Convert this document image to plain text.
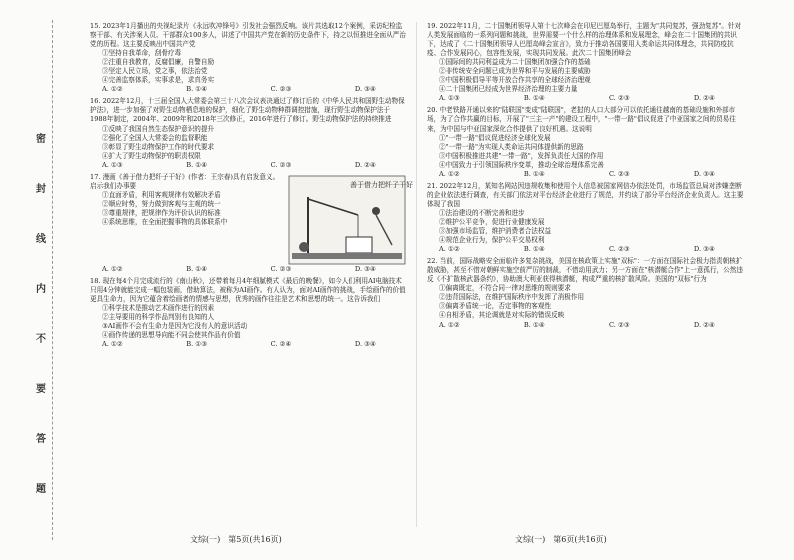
密
封
线
内
不
要
答
题
15. 2023年1月播出的央视纪录片《永远吹冲锋号》引发社会强烈反响。该片共选取12个案例，采访纪检监察干部、有关涉案人员、干部群众100多人，讲述了中国共产党在新的历史条件下，持之以恒推进全面从严治党的历程。这主要反映出中国共产党
①坚持自我革命，刮骨疗毒
②注重自我教育，反腐倡廉，自警自励
③坚定人民立场，党之事，依法治党
④完善监察体系，实事求是，求真务实
A. ①②	B. ①④	C. ②③	D. ③④
16. 2022年12月，十三届全国人大常委会第三十八次会议表决通过了修订后的《中华人民共和国野生动物保护法》，进一步加强了对野生动物栖息地的保护，细化了野生动物种群调控措施，现行野生动物保护法于1988年制定，2004年、2009年和2018年三次修正，2016年进行了修订。野生动物保护法的持续推进
①反映了我国自然生态保护意识的提升
②强化了全国人大常委会的监督职能
③彰显了野生动物保护工作的时代要求
④扩大了野生动物保护的职责权限
A. ①③	B. ①④	C. ②③	D. ②④
17. 漫画《善于借力把纤子干好》(作者：王宗春)具有启发意义。启示我们办事要
①直面矛盾，利用客观规律有效解决矛盾
②顺应时势，努力做到客观与主观的统一
③尊重规律，把规律作为评价认识的标准
④系统思维，在全面把握事物的具体联系中
善于借力把纤子干好
A. ①②	B. ①④	C. ②③	D. ③④
18. 现在每4个月完成流行的《南山秋》，还带着每月4年细腻模式《最后的晚餐》，如今人们利用AI电脑技术只用4分钟就能完成一幅包装画，借助算法，被称为AI画作。有人认为，面对AI画作的挑战，手绘画作的价值更具生命力，因为它蕴含着绘画者的情感与思想，优秀的画作往往是艺术和思想的统一。这告诉我们
①科学技术是推动艺术画作进行的因素
②主导要用的科学作品判别有良知的人
③AI画作不会有生命力是因为它没有人的意识活动
④画作传递的思想导向能不同会使其作品有价值
A. ①②	B. ①③	C. ②④	D. ③④
19. 2022年11月，二十国集团领导人第十七次峰会在印尼巴厘岛举行，主题为"共同复苏，强劲复苏"。针对人类发展面临的一系列问题和挑战，世界需要一个什么样的治理体系和发展理念，峰会在二十国集团的共识下，达成了《二十国集团领导人巴厘岛峰会宣言》，致力于推动各国要用人类命运共同体理念，共同防疫抗疫、合作发展同心，包容性发展，实现共同发展。此次二十国集团峰会
①国际间的共同利益成为二十国集团加强合作的基础
②非传统安全问题已成为世界和平与发展的主要威胁
③中国积极倡导平等开放合作共享的全球经济治理观
④二十国集团已经成为世界经济治理的主要力量
A. ①③	B. ①④	C. ②③	D. ②④
20. 中老铁路开通以来的"陆联国"变成"陆联国"，老挝的人口大部分可以依托通往越南的基础设施和外部市场，为了合作共赢的目标，开展了"三主一产"的建设工程中，"一带一路"倡议促进了中亚国家之间的贸易往来，为中国与中亚国家深化合作提供了良好机遇。这说明
①"一带一路"倡议促进经济全球化发展
②"一带一路"为实现人类命运共同体提供新的思路
③中国积极推进共建"一带一路"，发挥负责任大国的作用
④中国致力于引领国际秩序变革，推动全球治理体系完善
A. ①②	B. ①④	C. ②③	D. ③④
21. 2022年12月，某知名网站因违规收集和使用个人信息被国家网信办依法处罚，市场监管总局对涉嫌垄断的企业依法进行调查，有关部门依法对平台经济企业进行了规范，并约谈了部分平台经济企业负责人。这主要体现了我国
①法治建设的不断完善和进步
②维护公平竞争，促进行业健康发展
③加强市场监管，维护消费者合法权益
④规范企业行为，保护公平交易权利
A. ①②	B. ①④	C. ②③	D. ③④
22. 当前，国际战略安全面临许多复杂挑战，美国在核政策上实施"双标"：一方面在国际社会极力指责朝核扩散威胁，甚至不惜对朝鲜实施空前严厉的制裁，不惜动用武力；另一方面在"核潜艇合作"上一意孤行，公然违反《不扩散核武器条约》，协助澳大利亚获得核潜艇，构成严重的核扩散风险。美国的"双标"行为
①偏离既定，不符合同一律对思维的规则要求
②违背国际法，在维护国际秩序中发挥了消极作用
③偏离矛盾统一论，否定事物的客观性
④自相矛盾，其论调就是对实际的错误反映
A. ①②	B. ①④	C. ②③	D. ②④
文综(一)　第5页(共16页)	文综(一)　第6页(共16页)
